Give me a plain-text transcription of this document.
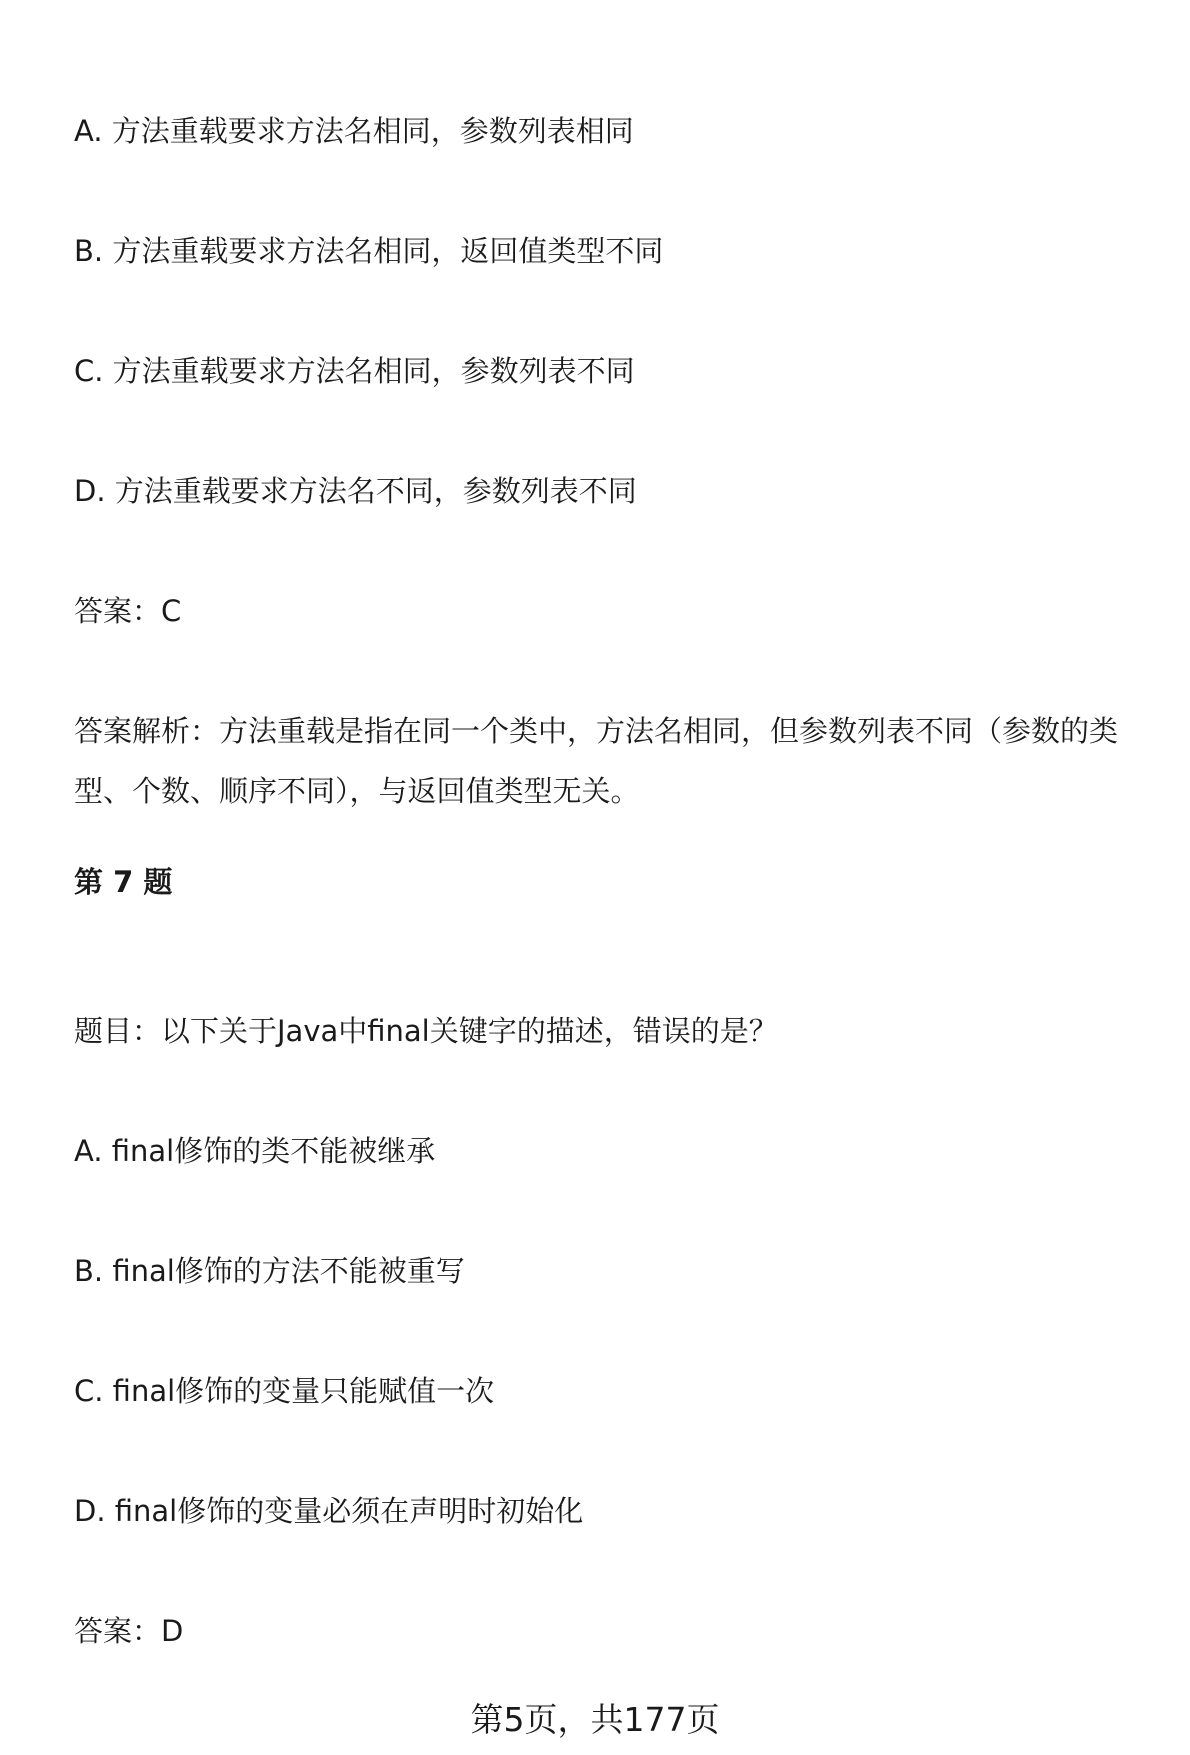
A. 方法重载要求方法名相同，参数列表相同
B. 方法重载要求方法名相同，返回值类型不同
C. 方法重载要求方法名相同，参数列表不同
D. 方法重载要求方法名不同，参数列表不同
答案：C
答案解析：方法重载是指在同一个类中，方法名相同，但参数列表不同（参数的类型、个数、顺序不同），与返回值类型无关。
第 7 题
题目：以下关于Java中final关键字的描述，错误的是？
A. final修饰的类不能被继承
B. final修饰的方法不能被重写
C. final修饰的变量只能赋值一次
D. final修饰的变量必须在声明时初始化
答案：D
第5页，共177页
